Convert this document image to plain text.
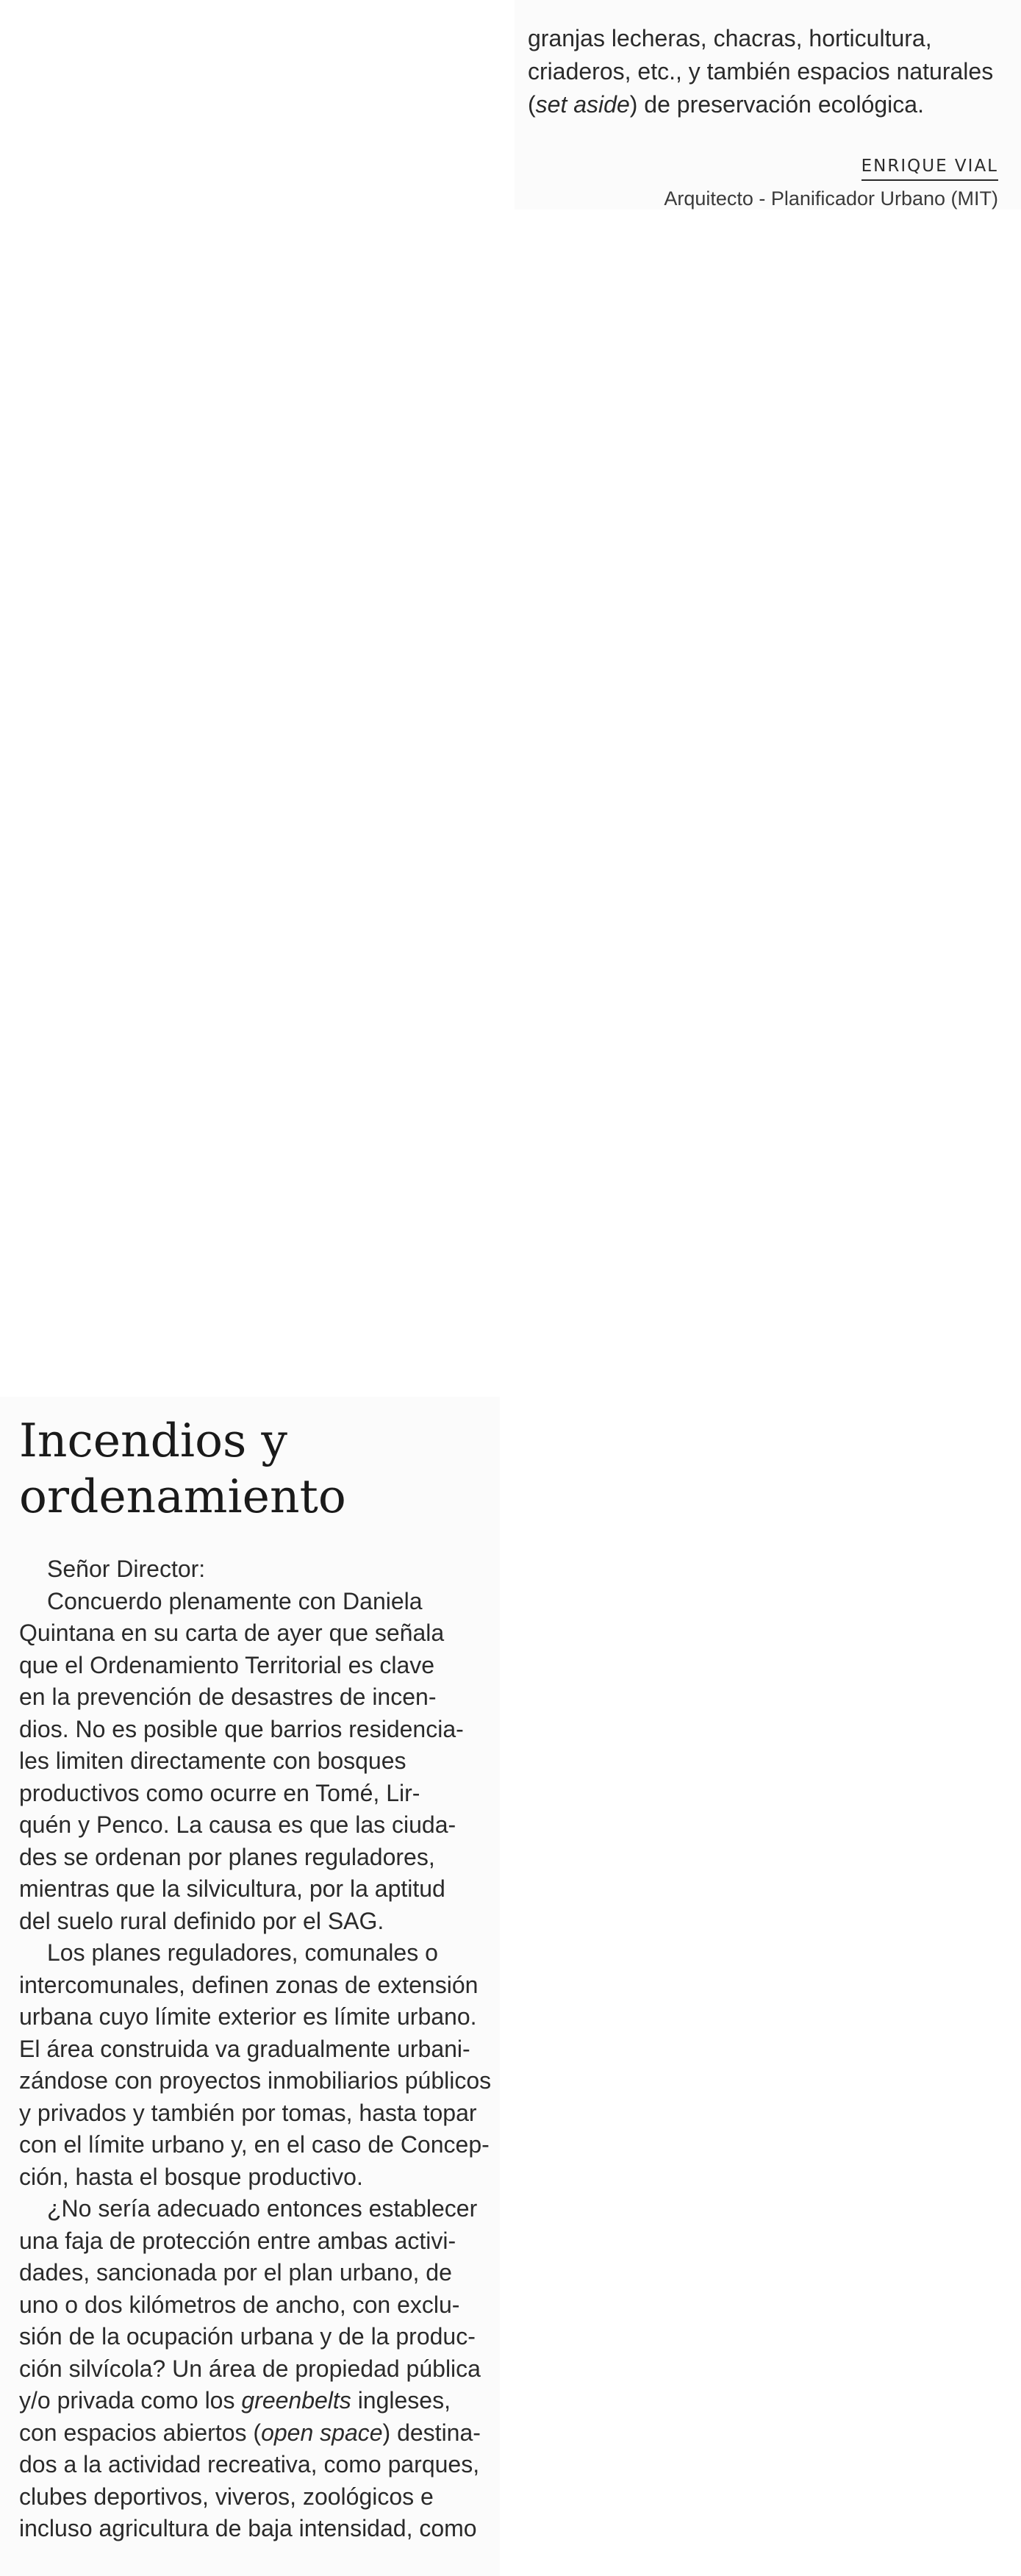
granjas lecheras, chacras, horticultura,
criaderos, etc., y también espacios naturales
(set aside) de preservación ecológica.
ENRIQUE VIAL
Arquitecto - Planificador Urbano (MIT)
Incendios y
ordenamiento
Señor Director:
Concuerdo plenamente con Daniela
Quintana en su carta de ayer que señala
que el Ordenamiento Territorial es clave
en la prevención de desastres de incen-
dios. No es posible que barrios residencia-
les limiten directamente con bosques
productivos como ocurre en Tomé, Lir-
quén y Penco. La causa es que las ciuda-
des se ordenan por planes reguladores,
mientras que la silvicultura, por la aptitud
del suelo rural definido por el SAG.
Los planes reguladores, comunales o
intercomunales, definen zonas de extensión
urbana cuyo límite exterior es límite urbano.
El área construida va gradualmente urbani-
zándose con proyectos inmobiliarios públicos
y privados y también por tomas, hasta topar
con el límite urbano y, en el caso de Concep-
ción, hasta el bosque productivo.
¿No sería adecuado entonces establecer
una faja de protección entre ambas activi-
dades, sancionada por el plan urbano, de
uno o dos kilómetros de ancho, con exclu-
sión de la ocupación urbana y de la produc-
ción silvícola? Un área de propiedad pública
y/o privada como los greenbelts ingleses,
con espacios abiertos (open space) destina-
dos a la actividad recreativa, como parques,
clubes deportivos, viveros, zoológicos e
incluso agricultura de baja intensidad, como
